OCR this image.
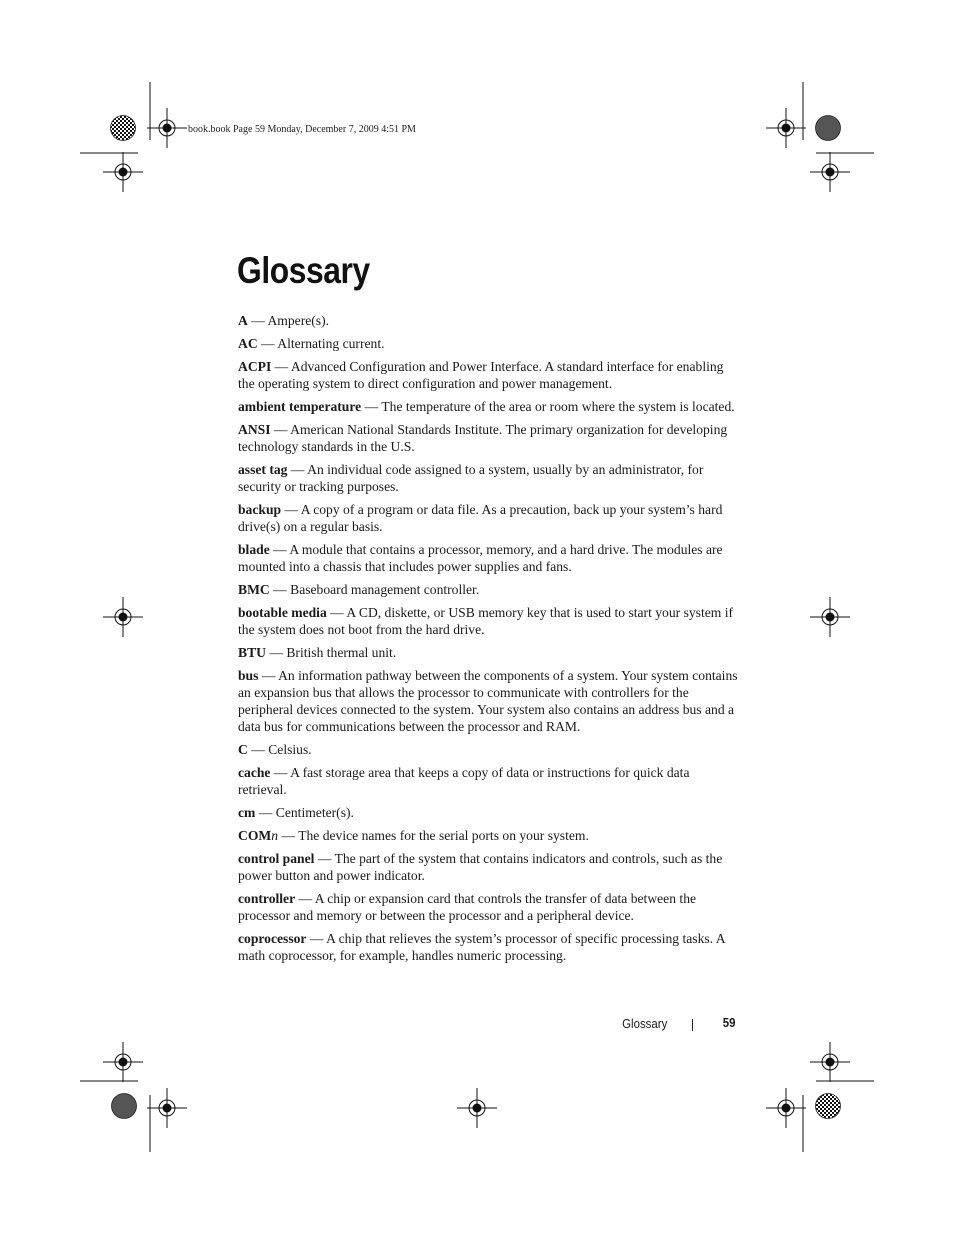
book.book Page 59 Monday, December 7, 2009 4:51 PM
Glossary

A — Ampere(s).

AC — Alternating current.

ACPI — Advanced Configuration and Power Interface. A standard interface for enabling the operating system to direct configuration and power management.

ambient temperature — The temperature of the area or room where the system is located.

ANSI — American National Standards Institute. The primary organization for developing technology standards in the U.S.

asset tag — An individual code assigned to a system, usually by an administrator, for security or tracking purposes.

backup — A copy of a program or data file. As a precaution, back up your system’s hard drive(s) on a regular basis.

blade — A module that contains a processor, memory, and a hard drive. The modules are mounted into a chassis that includes power supplies and fans.

BMC — Baseboard management controller.

bootable media — A CD, diskette, or USB memory key that is used to start your system if the system does not boot from the hard drive.

BTU — British thermal unit.

bus — An information pathway between the components of a system. Your system contains an expansion bus that allows the processor to communicate with controllers for the peripheral devices connected to the system. Your system also contains an address bus and a data bus for communications between the processor and RAM.

C — Celsius.

cache — A fast storage area that keeps a copy of data or instructions for quick data retrieval.

cm — Centimeter(s).

COMn — The device names for the serial ports on your system.

control panel — The part of the system that contains indicators and controls, such as the power button and power indicator.

controller — A chip or expansion card that controls the transfer of data between the processor and memory or between the processor and a peripheral device.

coprocessor — A chip that relieves the system’s processor of specific processing tasks. A math coprocessor, for example, handles numeric processing.

Glossary	59
